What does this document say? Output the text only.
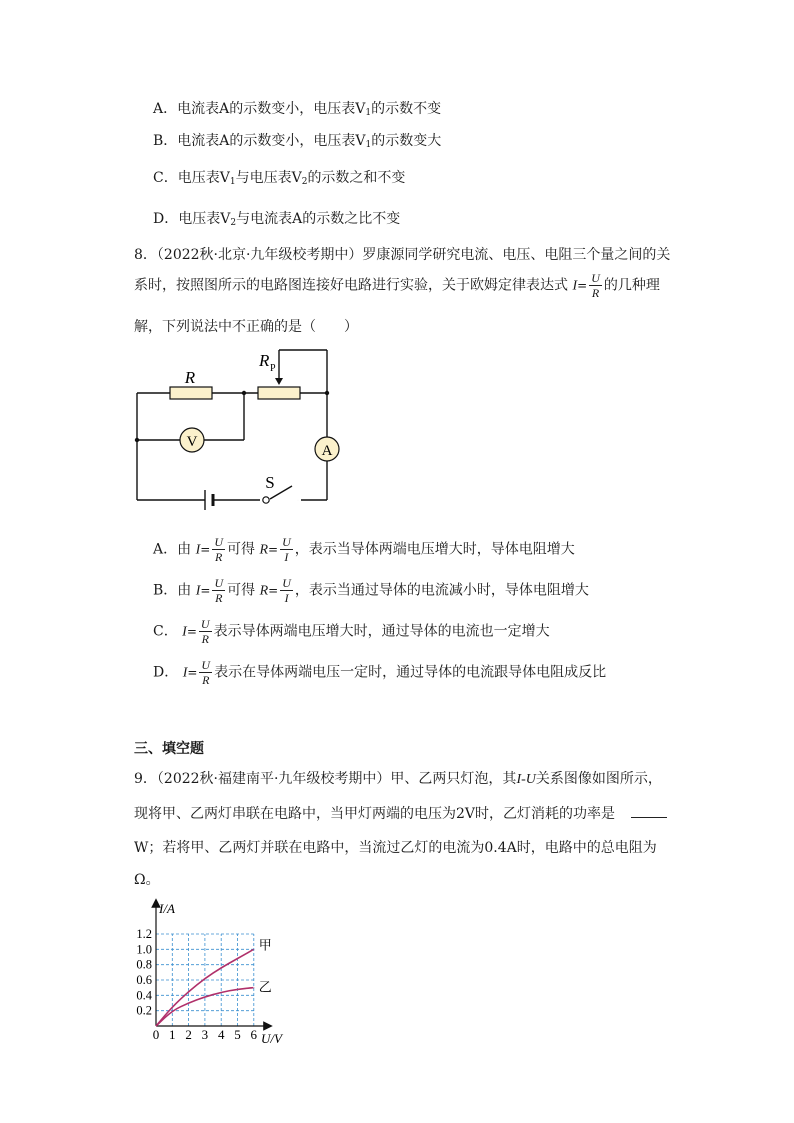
A．电流表A的示数变小，电压表$V_1$的示数不变
B．电流表A的示数变小，电压表$V_1$的示数变大
C．电压表$V_1$与电压表$V_2$的示数之和不变
D．电压表$V_2$与电流表A的示数之比不变
8．（2022秋·北京·九年级校考期中）罗康源同学研究电流、电压、电阻三个量之间的关
系时，按照图所示的电路图连接好电路进行实验，关于欧姆定律表达式 $I= \frac{U}{R}$ 的几种理
解，下列说法中不正确的是（　　）
R
R P
V
A
S
A．由 $I= \frac{U}{R}$ 可得 $R= \frac{U}{I}$ ，表示当导体两端电压增大时，导体电阻增大
B．由 $I= \frac{U}{R}$ 可得 $R= \frac{U}{I}$ ，表示当通过导体的电流减小时，导体电阻增大
C． $I= \frac{U}{R}$ 表示导体两端电压增大时，通过导体的电流也一定增大
D． $I= \frac{U}{R}$ 表示在导体两端电压一定时，通过导体的电流跟导体电阻成反比
三、填空题
9．（2022秋·福建南平·九年级校考期中）甲、乙两只灯泡，其I-U关系图像如图所示，
现将甲、乙两灯串联在电路中，当甲灯两端的电压为2V时，乙灯消耗的功率是
W；若将甲、乙两灯并联在电路中，当流过乙灯的电流为0.4A时，电路中的总电阻为
Ω。
0 1 2 3 4 5 6
0.2
0.4
0.6
0.8
1.0
1.2
甲
乙
I/A
U/V
